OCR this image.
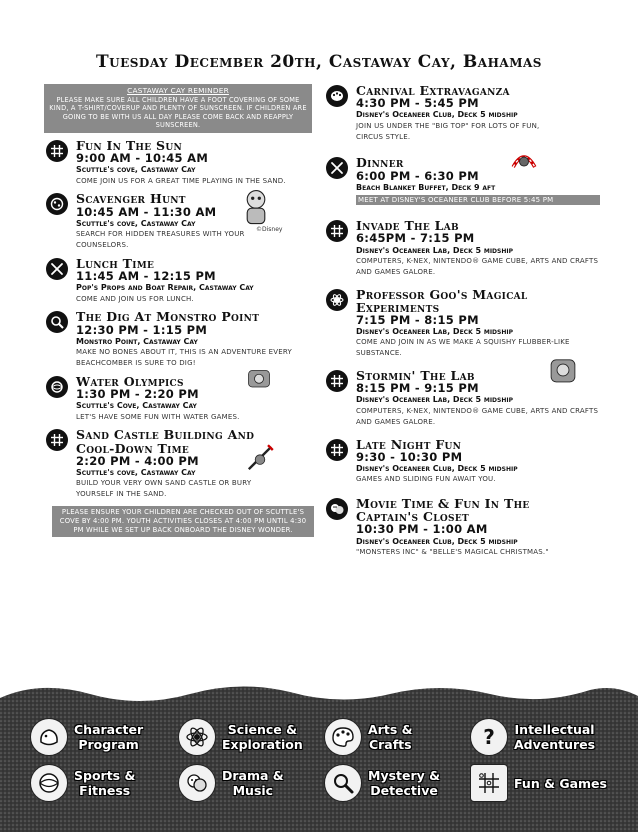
Tuesday December 20th, Castaway Cay, Bahamas
CASTAWAY CAY REMINDER
PLEASE MAKE SURE ALL CHILDREN HAVE A FOOT COVERING OF SOME KIND, A T-SHIRT/COVERUP AND PLENTY OF SUNSCREEN. IF CHILDREN ARE GOING TO BE WITH US ALL DAY PLEASE COME BACK AND REAPPLY SUNSCREEN.
Fun In The Sun
9:00 AM - 10:45 AM
Scuttle's cove, Castaway Cay
COME JOIN US FOR A GREAT TIME PLAYING IN THE SAND.
Scavenger Hunt
10:45 AM - 11:30 AM
Scuttle's cove, Castaway Cay
SEARCH FOR HIDDEN TREASURES WITH YOUR COUNSELORS.
©Disney
Lunch Time
11:45 AM - 12:15 PM
Pop's Props and Boat Repair, Castaway Cay
COME AND JOIN US FOR LUNCH.
The Dig At Monstro Point
12:30 PM - 1:15 PM
Monstro Point, Castaway Cay
MAKE NO BONES ABOUT IT, THIS IS AN ADVENTURE EVERY BEACHCOMBER IS SURE TO DIG!
Water Olympics
1:30 PM - 2:20 PM
Scuttle's Cove, Castaway Cay
LET'S HAVE SOME FUN WITH WATER GAMES.
Sand Castle Building And Cool-Down Time
2:20 PM - 4:00 PM
Scuttle's cove, Castaway Cay
BUILD YOUR VERY OWN SAND CASTLE OR BURY YOURSELF IN THE SAND.
PLEASE ENSURE YOUR CHILDREN ARE CHECKED OUT OF SCUTTLE'S COVE BY 4:00 PM. YOUTH ACTIVITIES CLOSES AT 4:00 PM UNTIL 4:30 PM WHILE WE SET UP BACK ONBOARD THE DISNEY WONDER.
Carnival Extravaganza
4:30 PM - 5:45 PM
Disney's Oceaneer Club, Deck 5 midship
JOIN US UNDER THE "BIG TOP" FOR LOTS OF FUN, CIRCUS STYLE.
Dinner
6:00 PM - 6:30 PM
Beach Blanket Buffet, Deck 9 aft
MEET AT DISNEY'S OCEANEER CLUB BEFORE 5:45 PM
Invade The Lab
6:45PM - 7:15 PM
Disney's Oceaneer Lab, Deck 5 midship
COMPUTERS, K-NEX, NINTENDO® GAME CUBE, ARTS AND CRAFTS AND GAMES GALORE.
Professor Goo's Magical Experiments
7:15 PM - 8:15 PM
Disney's Oceaneer Lab, Deck 5 midship
COME AND JOIN IN AS WE MAKE A SQUISHY FLUBBER-LIKE SUBSTANCE.
Stormin' The Lab
8:15 PM - 9:15 PM
Disney's Oceaneer Lab, Deck 5 midship
COMPUTERS, K-NEX, NINTENDO® GAME CUBE, ARTS AND CRAFTS AND GAMES GALORE.
Late Night Fun
9:30 - 10:30 PM
Disney's Oceaneer Club, Deck 5 midship
GAMES AND SLIDING FUN AWAIT YOU.
Movie Time & Fun In The Captain's Closet
10:30 PM - 1:00 AM
Disney's Oceaneer Club, Deck 5 midship
"MONSTERS INC" & "BELLE'S MAGICAL CHRISTMAS."
Character
Program
Science &
Exploration
Arts &
Crafts	? Intellectual
Adventures
Sports &
Fitness
Drama &
Music
Mystery &
Detective	Fun & Games
